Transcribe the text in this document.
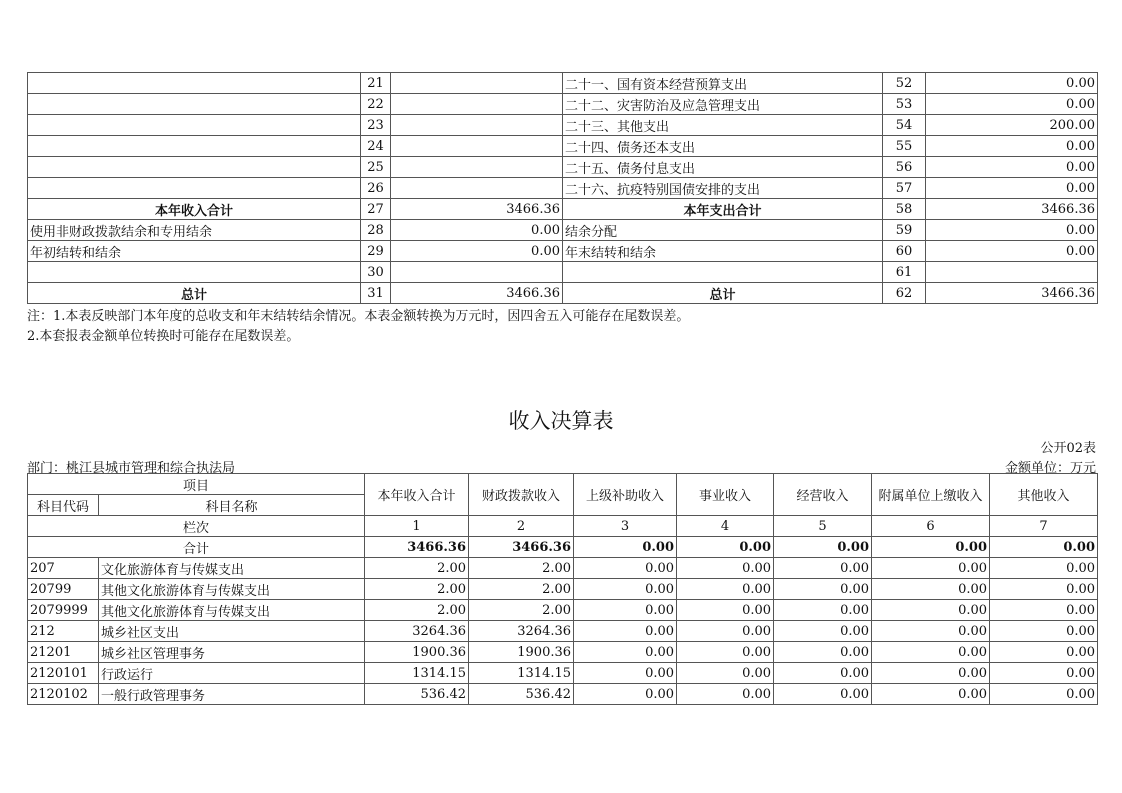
	21		二十一、国有资本经营预算支出	52	0.00
	22		二十二、灾害防治及应急管理支出	53	0.00
	23		二十三、其他支出	54	200.00
	24		二十四、债务还本支出	55	0.00
	25		二十五、债务付息支出	56	0.00
	26		二十六、抗疫特别国债安排的支出	57	0.00
本年收入合计	27	3466.36	本年支出合计	58	3466.36
使用非财政拨款结余和专用结余	28	0.00	结余分配	59	0.00
年初结转和结余	29	0.00	年末结转和结余	60	0.00
	30			61	
总计	31	3466.36	总计	62	3466.36
注：1.本表反映部门本年度的总收支和年末结转结余情况。本表金额转换为万元时，因四舍五入可能存在尾数误差。
2.本套报表金额单位转换时可能存在尾数误差。
收入决算表
公开02表
部门：桃江县城市管理和综合执法局	金额单位：万元
项目		本年收入合计	财政拨款收入	上级补助收入	事业收入	经营收入	附属单位上缴收入	其他收入
科目代码	科目名称							
栏次		1	2	3	4	5	6	7
合计		3466.36	3466.36	0.00	0.00	0.00	0.00	0.00
207	文化旅游体育与传媒支出	2.00	2.00	0.00	0.00	0.00	0.00	0.00
20799	其他文化旅游体育与传媒支出	2.00	2.00	0.00	0.00	0.00	0.00	0.00
2079999	其他文化旅游体育与传媒支出	2.00	2.00	0.00	0.00	0.00	0.00	0.00
212	城乡社区支出	3264.36	3264.36	0.00	0.00	0.00	0.00	0.00
21201	城乡社区管理事务	1900.36	1900.36	0.00	0.00	0.00	0.00	0.00
2120101	行政运行	1314.15	1314.15	0.00	0.00	0.00	0.00	0.00
2120102	一般行政管理事务	536.42	536.42	0.00	0.00	0.00	0.00	0.00
